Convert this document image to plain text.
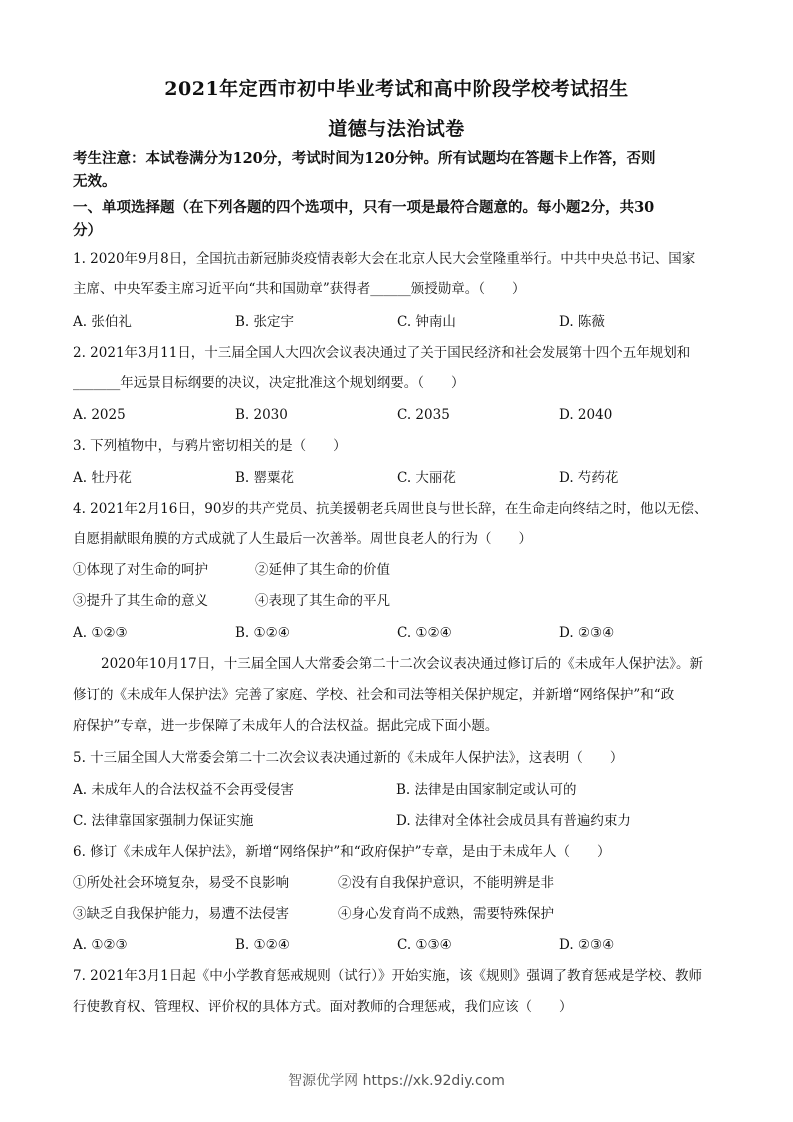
2021年定西市初中毕业考试和高中阶段学校考试招生
道德与法治试卷
考生注意：本试卷满分为120分，考试时间为120分钟。所有试题均在答题卡上作答，否则
无效。
一、单项选择题（在下列各题的四个选项中，只有一项是最符合题意的。每小题2分，共30
分）
1. 2020年9月8日，全国抗击新冠肺炎疫情表彰大会在北京人民大会堂隆重举行。中共中央总书记、国家
主席、中央军委主席习近平向“共和国勋章”获得者______颁授勋章。（　　）
A. 张伯礼	B. 张定宇	C. 钟南山	D. 陈薇
2. 2021年3月11日，十三届全国人大四次会议表决通过了关于国民经济和社会发展第十四个五年规划和
_______年远景目标纲要的决议，决定批准这个规划纲要。（　　）
A. 2025	B. 2030	C. 2035	D. 2040
3. 下列植物中，与鸦片密切相关的是（　　）
A. 牡丹花	B. 罂粟花	C. 大丽花	D. 芍药花
4. 2021年2月16日，90岁的共产党员、抗美援朝老兵周世良与世长辞，在生命走向终结之时，他以无偿、
自愿捐献眼角膜的方式成就了人生最后一次善举。周世良老人的行为（　　）
①体现了对生命的呵护	②延伸了其生命的价值
③提升了其生命的意义	④表现了其生命的平凡
A. ①②③	B. ①②④	C. ①②④	D. ②③④
2020年10月17日，十三届全国人大常委会第二十二次会议表决通过修订后的《未成年人保护法》。新
修订的《未成年人保护法》完善了家庭、学校、社会和司法等相关保护规定，并新增“网络保护”和“政
府保护”专章，进一步保障了未成年人的合法权益。据此完成下面小题。
5. 十三届全国人大常委会第二十二次会议表决通过新的《未成年人保护法》，这表明（　　）
A. 未成年人的合法权益不会再受侵害	B. 法律是由国家制定或认可的
C. 法律靠国家强制力保证实施	D. 法律对全体社会成员具有普遍约束力
6. 修订《未成年人保护法》，新增“网络保护”和“政府保护”专章，是由于未成年人（　　）
①所处社会环境复杂，易受不良影响	②没有自我保护意识，不能明辨是非
③缺乏自我保护能力，易遭不法侵害	④身心发育尚不成熟，需要特殊保护
A. ①②③	B. ①②④	C. ①③④	D. ②③④
7. 2021年3月1日起《中小学教育惩戒规则（试行）》开始实施，该《规则》强调了教育惩戒是学校、教师
行使教育权、管理权、评价权的具体方式。面对教师的合理惩戒，我们应该（　　）
智源优学网 https://xk.92diy.com
